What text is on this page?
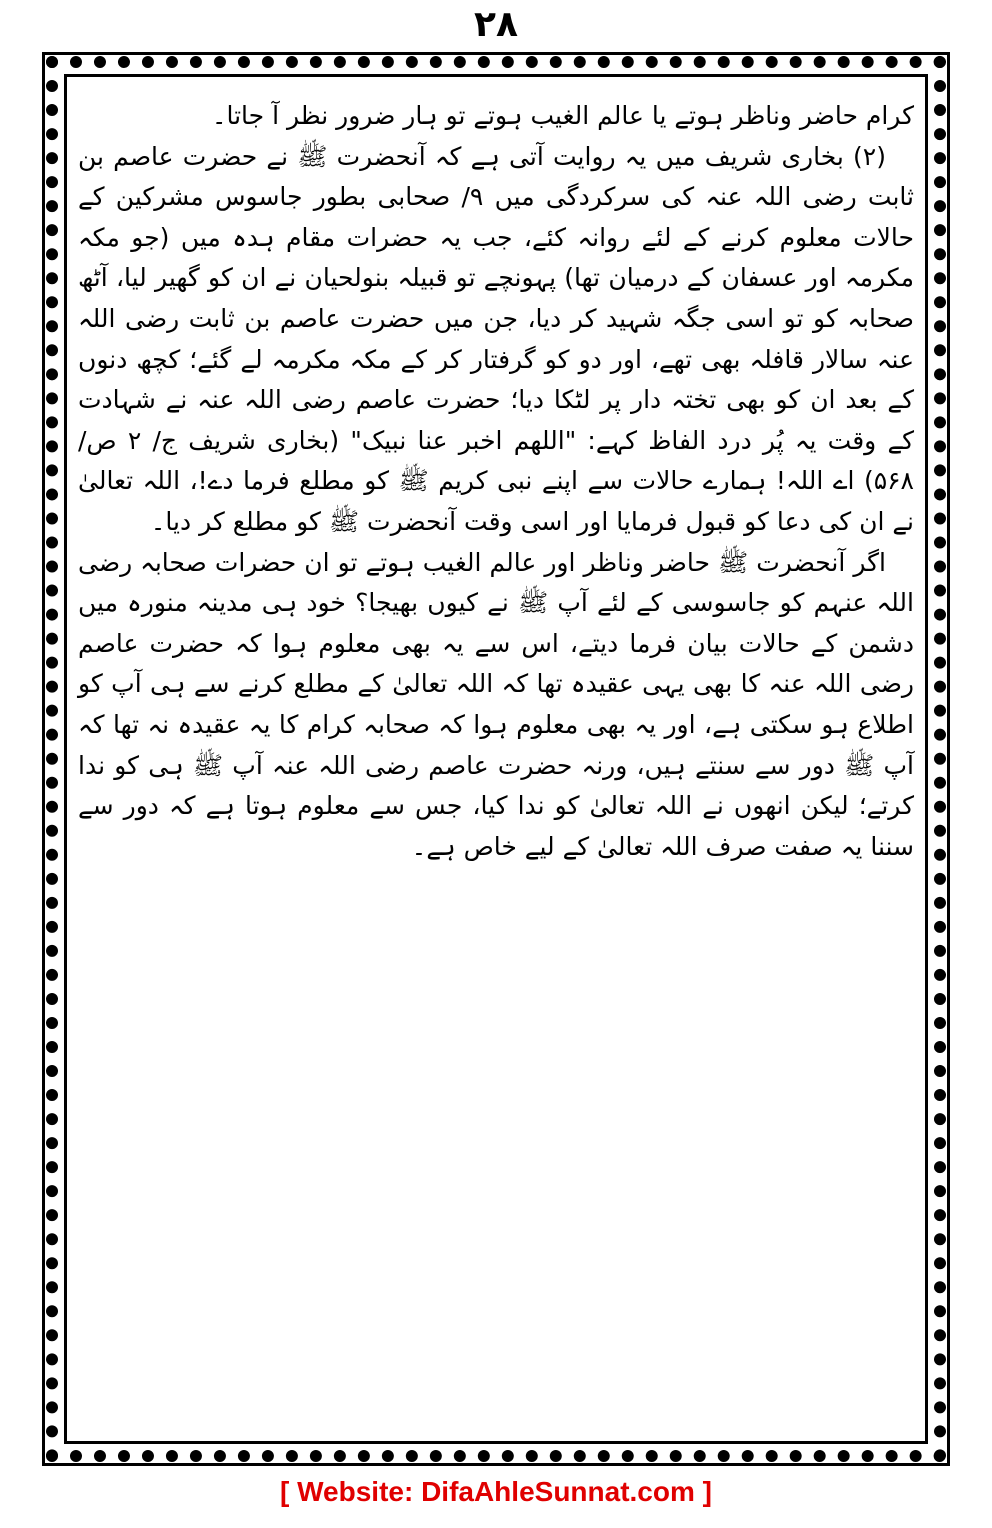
۲۸

کرام حاضر وناظر ہوتے یا عالم الغیب ہوتے تو ہار ضرور نظر آ جاتا۔

(۲) بخاری شریف میں یہ روایت آتی ہے کہ آنحضرت ﷺ نے حضرت عاصم بن ثابت رضی اللہ عنہ کی سرکردگی میں ۹/ صحابی بطور جاسوس مشرکین کے حالات معلوم کرنے کے لئے روانہ کئے، جب یہ حضرات مقام ہدہ میں (جو مکہ مکرمہ اور عسفان کے درمیان تھا) پہونچے تو قبیلہ بنولحیان نے ان کو گھیر لیا، آٹھ صحابہ کو تو اسی جگہ شہید کر دیا، جن میں حضرت عاصم بن ثابت رضی اللہ عنہ سالار قافلہ بھی تھے، اور دو کو گرفتار کر کے مکہ مکرمہ لے گئے؛ کچھ دنوں کے بعد ان کو بھی تختہ دار پر لٹکا دیا؛ حضرت عاصم رضی اللہ عنہ نے شہادت کے وقت یہ پُر درد الفاظ کہے: "اللھم اخبر عنا نبیک" (بخاری شریف ج/ ۲ ص/ ۵۶۸) اے اللہ! ہمارے حالات سے اپنے نبی کریم ﷺ کو مطلع فرما دے!، اللہ تعالیٰ نے ان کی دعا کو قبول فرمایا اور اسی وقت آنحضرت ﷺ کو مطلع کر دیا۔

اگر آنحضرت ﷺ حاضر وناظر اور عالم الغیب ہوتے تو ان حضرات صحابہ رضی اللہ عنہم کو جاسوسی کے لئے آپ ﷺ نے کیوں بھیجا؟ خود ہی مدینہ منورہ میں دشمن کے حالات بیان فرما دیتے، اس سے یہ بھی معلوم ہوا کہ حضرت عاصم رضی اللہ عنہ کا بھی یہی عقیدہ تھا کہ اللہ تعالیٰ کے مطلع کرنے سے ہی آپ کو اطلاع ہو سکتی ہے، اور یہ بھی معلوم ہوا کہ صحابہ کرام کا یہ عقیدہ نہ تھا کہ آپ ﷺ دور سے سنتے ہیں، ورنہ حضرت عاصم رضی اللہ عنہ آپ ﷺ ہی کو ندا کرتے؛ لیکن انھوں نے اللہ تعالیٰ کو ندا کیا، جس سے معلوم ہوتا ہے کہ دور سے سننا یہ صفت صرف اللہ تعالیٰ کے لیے خاص ہے۔

[ Website: DifaAhleSunnat.com ]
